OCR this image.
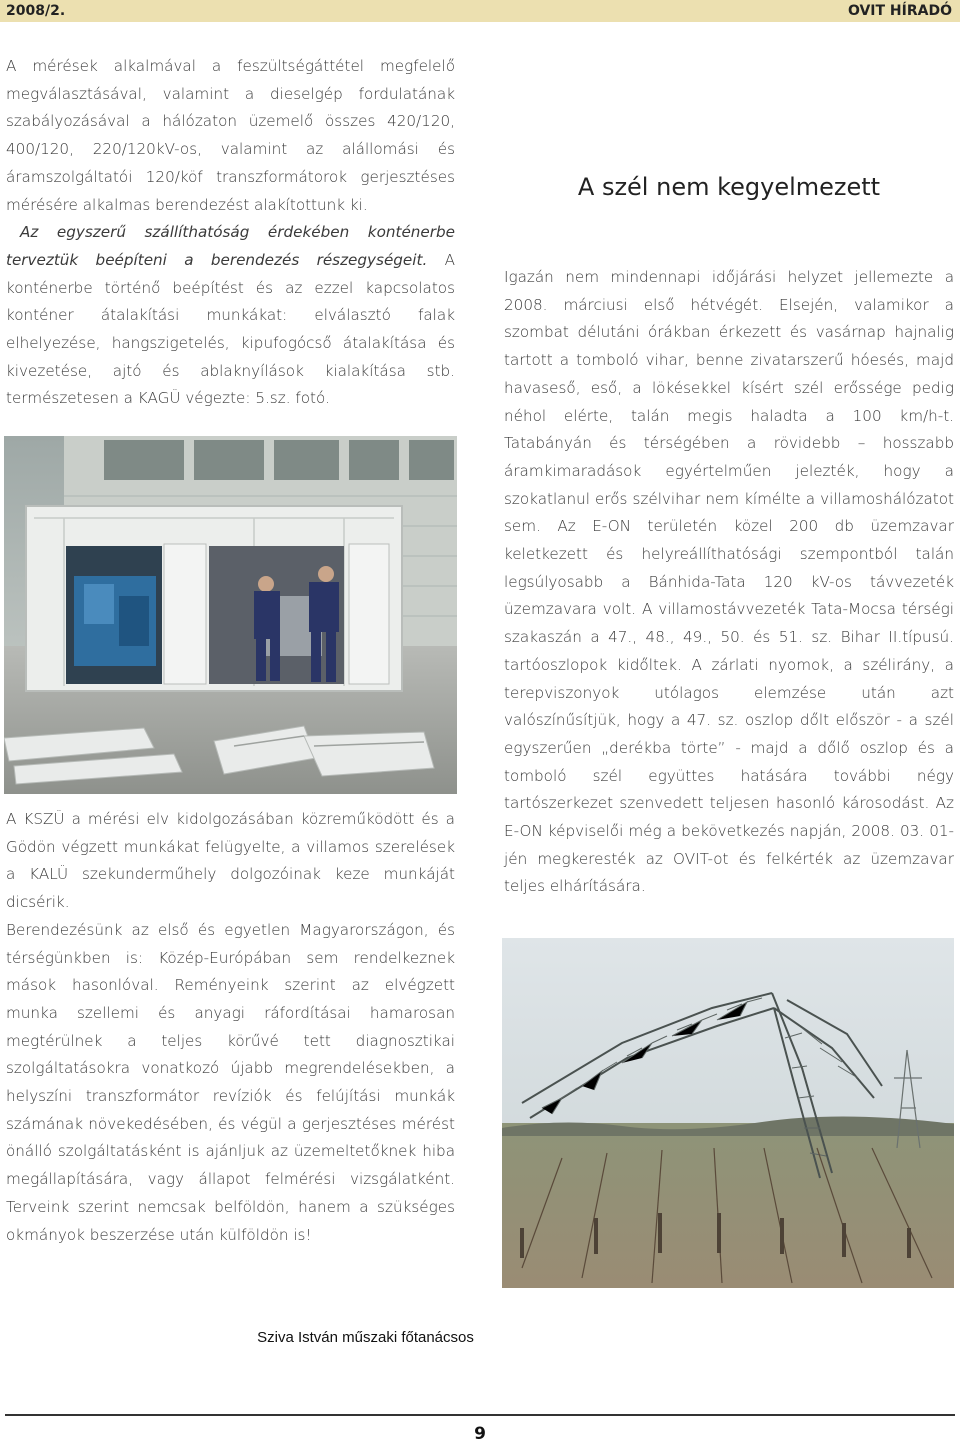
2008/2.	OVIT HÍRADÓ

A mérések alkalmával a feszültségáttétel megfelelő megválasztásával, valamint a dieselgép fordulatának szabályozásával a hálózaton üzemelő összes 420/120, 400/120, 220/120kV-os, valamint az alállomási és áramszolgáltatói 120/köf transzformátorok gerjesztéses mérésére alkalmas berendezést alakítottunk ki.

Az egyszerű szállíthatóság érdekében konténerbe terveztük beépíteni a berendezés részegységeit. A konténerbe történő beépítést és az ezzel kapcsolatos konténer átalakítási munkákat: elválasztó falak elhelyezése, hangszigetelés, kipufogócső átalakítása és kivezetése, ajtó és ablaknyílások kialakítása stb. természetesen a KAGÜ végezte: 5.sz. fotó.

A KSZÜ a mérési elv kidolgozásában közreműködött és a Gödön végzett munkákat felügyelte, a villamos szerelések a KALÜ szekunderműhely dolgozóinak keze munkáját dicsérik.

Berendezésünk az első és egyetlen Magyarországon, és térségünkben is: Közép-Európában sem rendelkeznek mások hasonlóval. Reményeink szerint az elvégzett munka szellemi és anyagi ráfordításai hamarosan megtérülnek a teljes körűvé tett diagnosztikai szolgáltatásokra vonatkozó újabb megrendelésekben, a helyszíni transzformátor revíziók és felújítási munkák számának növekedésében, és végül a gerjesztéses mérést önálló szolgáltatásként is ajánljuk az üzemeltetőknek hiba megállapítására, vagy állapot felmérési vizsgálatként. Terveink szerint nemcsak belföldön, hanem a szükséges okmányok beszerzése után külföldön is!

A szél nem kegyelmezett

Igazán nem mindennapi időjárási helyzet jellemezte a 2008. márciusi első hétvégét. Elsején, valamikor a szombat délutáni órákban érkezett és vasárnap hajnalig tartott a tomboló vihar, benne zivatarszerű hóesés, majd havaseső, eső, a lökésekkel kísért szél erőssége pedig néhol elérte, talán megis haladta a 100 km/h-t. Tatabányán és térségében a rövidebb – hosszabb áramkimaradások egyértelműen jelezték, hogy a szokatlanul erős szélvihar nem kímélte a villamoshálózatot sem. Az E-ON területén közel 200 db üzemzavar keletkezett és helyreállíthatósági szempontból talán legsúlyosabb a Bánhida-Tata 120 kV-os távvezeték üzemzavara volt. A villamostávvezeték Tata-Mocsa térségi szakaszán a 47., 48., 49., 50. és 51. sz. Bihar II.típusú. tartóoszlopok kidőltek. A zárlati nyomok, a szélirány, a terepviszonyok utólagos elemzése után azt valószínűsítjük, hogy a 47. sz. oszlop dőlt először - a szél egyszerűen „derékba törte” - majd a dőlő oszlop és a tomboló szél együttes hatására további négy tartószerkezet szenvedett teljesen hasonló károsodást. Az E-ON képviselői még a bekövetkezés napján, 2008. 03. 01-jén megkeresték az OVIT-ot és felkérték az üzemzavar teljes elhárítására.

Sziva István műszaki főtanácsos
9
